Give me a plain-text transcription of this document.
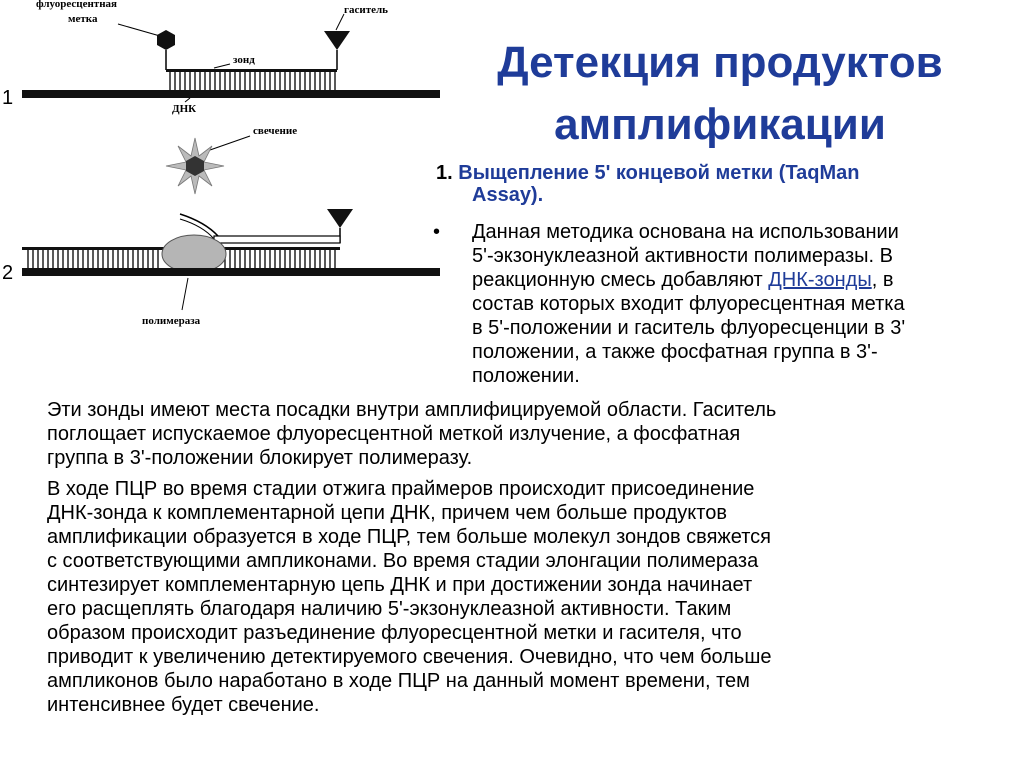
флуоресцентная
метка
гаситель
зонд
1	ДНК
свечение
2
полимераза
Детекция продуктов
амплификации
1. Выщепление 5' концевой метки (TaqMan
Assay).
• Данная методика основана на использовании
5'-экзонуклеазной активности полимеразы. В
реакционную смесь добавляют ДНК-зонды, в
состав которых входит флуоресцентная метка
в 5'-положении и гаситель флуоресценции в 3'
положении, а также фосфатная группа в 3'-
положении.
Эти зонды имеют места посадки внутри амплифицируемой области. Гаситель
поглощает испускаемое флуоресцентной меткой излучение, а фосфатная
группа в 3'-положении блокирует полимеразу.
В ходе ПЦР во время стадии отжига праймеров происходит присоединение
ДНК-зонда к комплементарной цепи ДНК, причем чем больше продуктов
амплификации образуется в ходе ПЦР, тем больше молекул зондов свяжется
с соответствующими ампликонами. Во время стадии элонгации полимераза
синтезирует комплементарную цепь ДНК и при достижении зонда начинает
его расщеплять благодаря наличию 5'-экзонуклеазной активности. Таким
образом происходит разъединение флуоресцентной метки и гасителя, что
приводит к увеличению детектируемого свечения. Очевидно, что чем больше
ампликонов было наработано в ходе ПЦР на данный момент времени, тем
интенсивнее будет свечение.
